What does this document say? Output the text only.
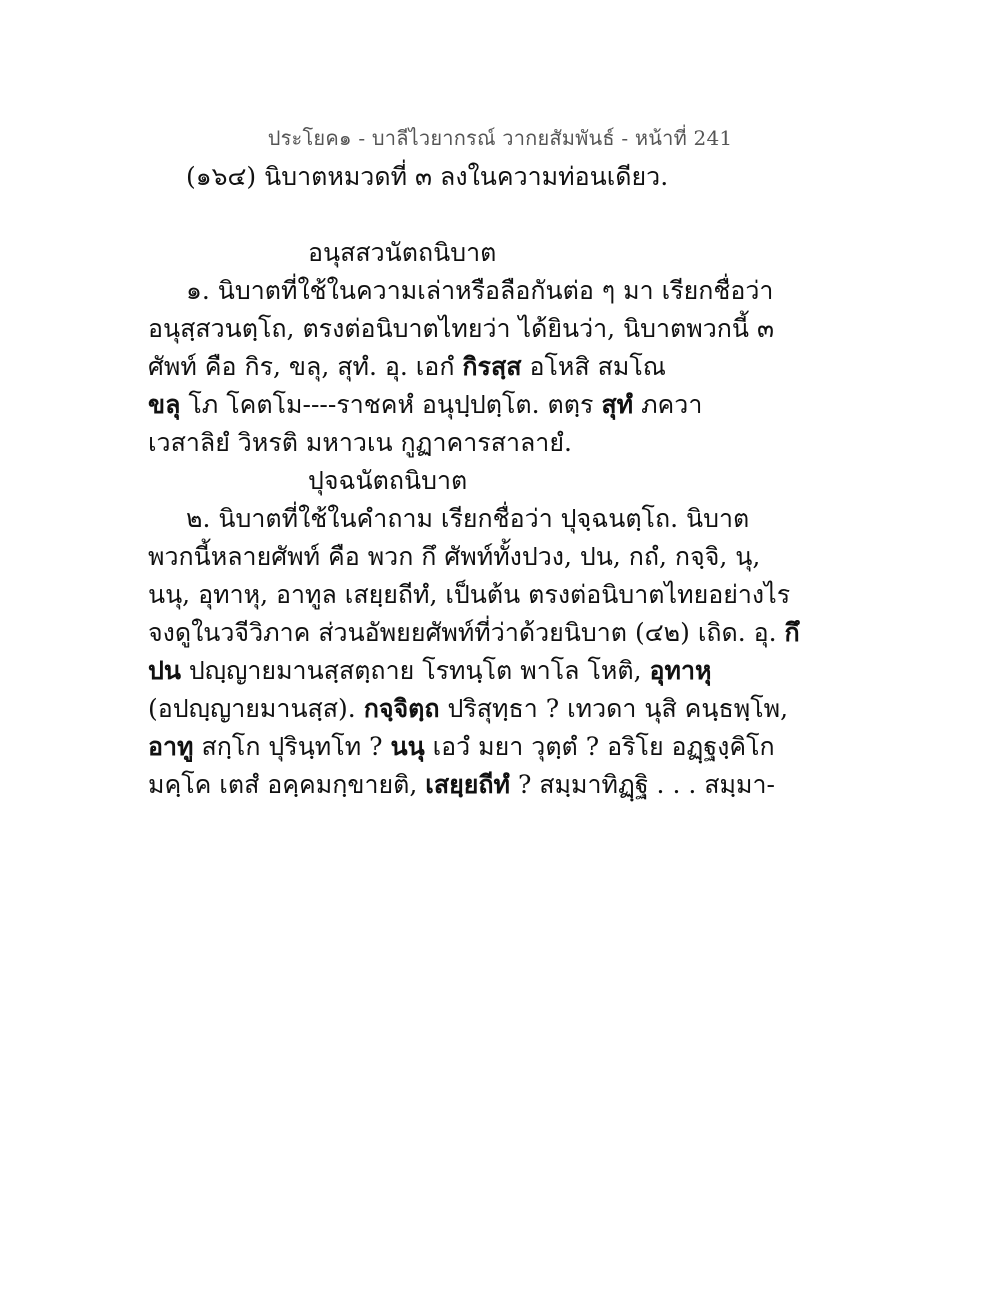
ประโยค๑ - บาลีไวยากรณ์ วากยสัมพันธ์ - หน้าที่ 241
(๑๖๔) นิบาตหมวดที่ ๓ ลงในความท่อนเดียว.
อนุสสวนัตถนิบาต
๑. นิบาตที่ใช้ในความเล่าหรือลือกันต่อ ๆ มา เรียกชื่อว่า
อนุสฺสวนตฺโถ, ตรงต่อนิบาตไทยว่า ได้ยินว่า, นิบาตพวกนี้ ๓
ศัพท์ คือ กิร, ขลุ, สุทํ. อุ. เอกํ กิรสฺส อโหสิ สมโณ
ขลุ โภ โคตโม----ราชคหํ อนุปฺปตฺโต. ตตฺร สุทํ ภควา
เวสาลิยํ วิหรติ มหาวเน กูฏาคารสาลายํ.
ปุจฉนัตถนิบาต
๒. นิบาตที่ใช้ในคำถาม เรียกชื่อว่า ปุจฺฉนตฺโถ. นิบาต
พวกนี้หลายศัพท์ คือ พวก กึ ศัพท์ทั้งปวง, ปน, กถํ, กจฺจิ, นุ,
นนุ, อุทาหุ, อาทูล เสยฺยถีทํ, เป็นต้น ตรงต่อนิบาตไทยอย่างไร
จงดูในวจีวิภาค ส่วนอัพยยศัพท์ที่ว่าด้วยนิบาต (๔๒) เถิด. อุ. กึ
ปน ปญฺญายมานสฺสตฺถาย โรทนฺโต พาโล โหติ, อุทาหุ
(อปญฺญายมานสฺส). กจฺจิตฺถ ปริสุทฺธา ? เทวดา นุสิ คนฺธพฺโพ,
อาทู สกฺโก ปุรินฺทโท ? นนุ เอวํ มยา วุตฺตํ ? อริโย อฏฺฐงฺคิโก
มคฺโค เตสํ อคฺคมกฺขายติ, เสยฺยถีทํ ? สมฺมาทิฏฺฐิ . . . สมฺมา-
